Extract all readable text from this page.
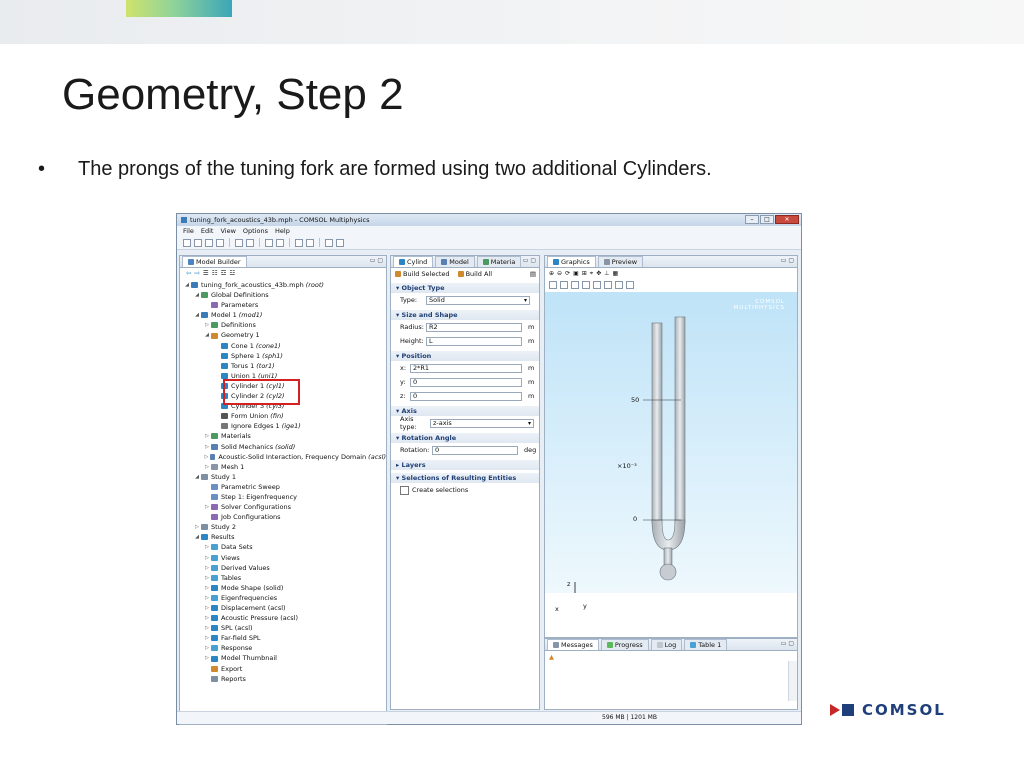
Geometry, Step 2
• The prongs of the tuning fork are formed using two additional Cylinders.
tuning_fork_acoustics_43b.mph - COMSOL Multiphysics	–	□	✕
File Edit View Options Help
Model Builder	▭ ▢
⇦ ⇨ ☰ ☷ ☲ ☳
◢ tuning_fork_acoustics_43b.mph (root)
◢ Global Definitions
Parameters
◢ Model 1 (mod1)
▷ Definitions
◢ Geometry 1
Cone 1 (cone1)
Sphere 1 (sph1)
Torus 1 (tor1)
Union 1 (uni1)
Cylinder 1 (cyl1)
Cylinder 2 (cyl2)
Cylinder 3 (cyl3)
Form Union (fin)
Ignore Edges 1 (ige1)
▷ Materials
▷ Solid Mechanics (solid)
▷ Acoustic-Solid Interaction, Frequency Domain (acsl)
▷ Mesh 1
◢ Study 1
Parametric Sweep
Step 1: Eigenfrequency
▷ Solver Configurations
Job Configurations
▷ Study 2
◢ Results
▷ Data Sets
▷ Views
▷ Derived Values
▷ Tables
▷ Mode Shape (solid)
▷ Eigenfrequencies
▷ Displacement (acsl)
▷ Acoustic Pressure (acsl)
▷ SPL (acsl)
▷ Far-field SPL
▷ Response
▷ Model Thumbnail
Export
Reports
Cylind	Model	Materia ▭ ▢
Build Selected Build All	▤
▾ Object Type
Type:	Solid ▾
▾ Size and Shape
Radius: R2	m
Height: L	m
▾ Position
x:	2*R1	m
y:	0	m
z:	0	m
▾ Axis
Axis type:
z-axis ▾
▾ Rotation Angle
Rotation: 0	deg
▸ Layers
▾ Selections of Resulting Entities
Create selections
Graphics	Preview	▭ ▢
⊕ ⊖ ⟳ ▣ ⊞ ⌖ ✥ ⊥ ▦
COMSOL
MULTIPHYSICS
50
×10⁻³
0
z
x	y
Messages	Progress	Log	Table 1	▭ ▢
▲
596 MB | 1201 MB	COMSOL
